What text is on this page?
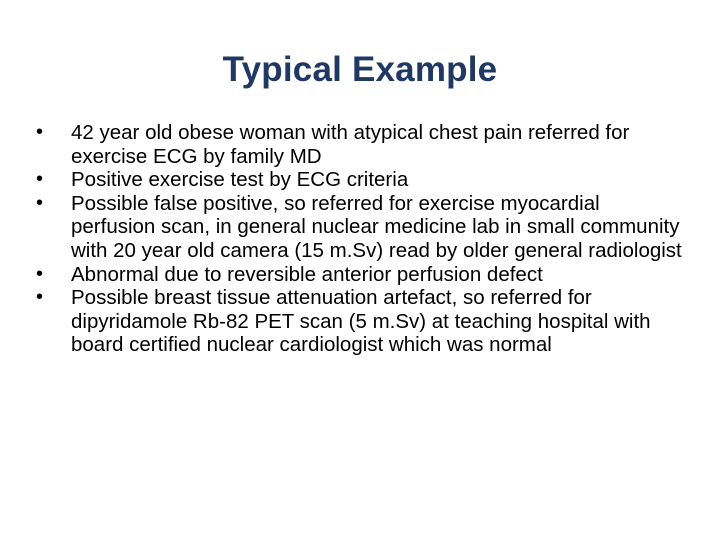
Typical Example
•	42 year old obese woman with atypical chest pain referred for exercise ECG by family MD
•	Positive exercise test by ECG criteria
•	Possible false positive, so referred for exercise myocardial perfusion scan, in general nuclear medicine lab in small community with 20 year old camera (15 m.Sv) read by older general radiologist
•	Abnormal due to reversible anterior perfusion defect
•	Possible breast tissue attenuation artefact, so referred for dipyridamole Rb-82 PET scan (5 m.Sv) at teaching hospital with board certified nuclear cardiologist which was normal
